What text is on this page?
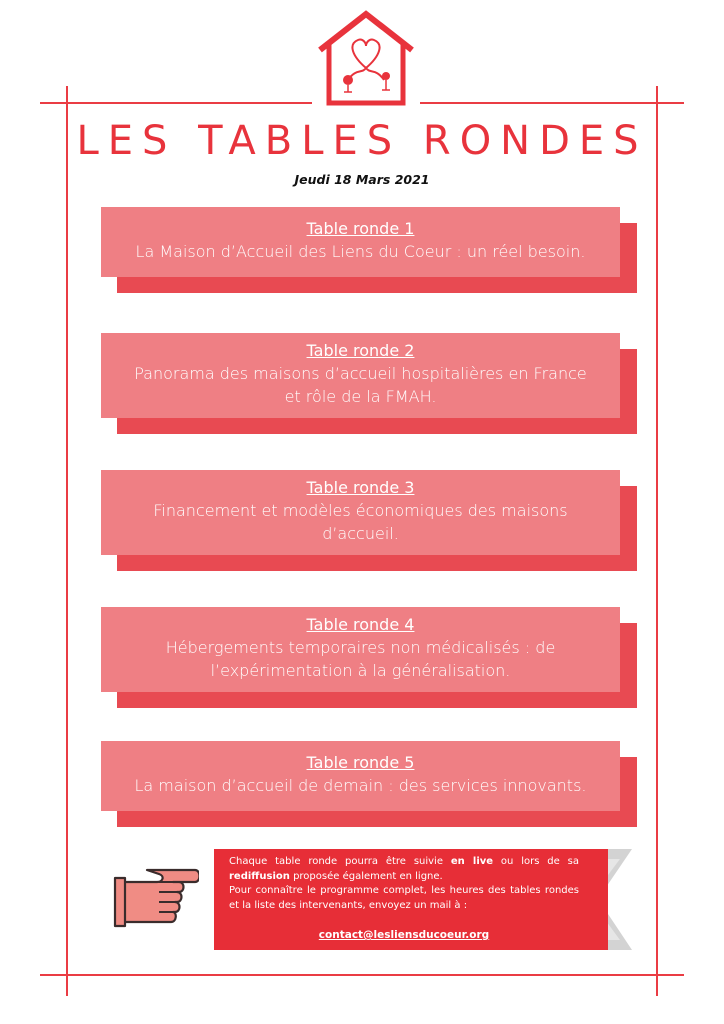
LES TABLES RONDES
Jeudi 18 Mars 2021
Table ronde 1
La Maison d’Accueil des Liens du Coeur : un réel besoin.
Table ronde 2
Panorama des maisons d’accueil hospitalières en France
et rôle de la FMAH.
Table ronde 3
Financement et modèles économiques des maisons
d’accueil.
Table ronde 4
Hébergements temporaires non médicalisés : de
l’expérimentation à la généralisation.
Table ronde 5
La maison d’accueil de demain : des services innovants.
Chaque table ronde pourra être suivie en live ou lors de sa rediffusion proposée également en ligne.
Pour connaître le programme complet, les heures des tables rondes et la liste des intervenants, envoyez un mail à :
contact@lesliensducoeur.org
